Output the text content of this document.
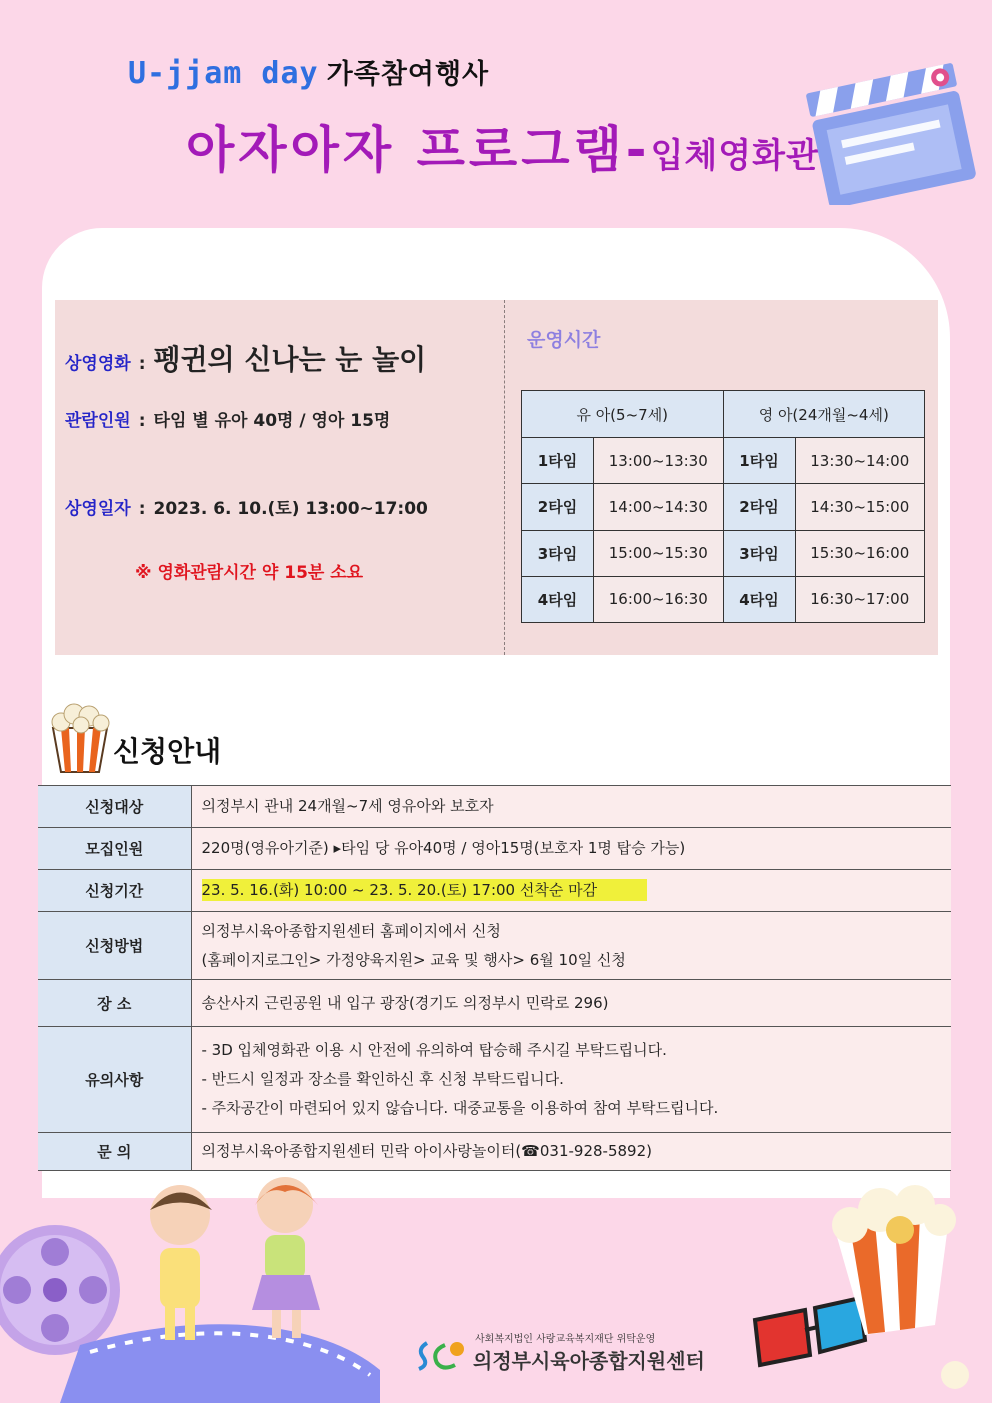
U-jjam day 가족참여행사
아자아자 프로그램-입체영화관
상영영화 : 펭귄의 신나는 눈 놀이
관람인원 : 타임 별 유아 40명 / 영아 15명
상영일자 : 2023. 6. 10.(토) 13:00~17:00
※ 영화관람시간 약 15분 소요
운영시간
유 아(5~7세)		영 아(24개월~4세)	
1타임	13:00~13:30	1타임	13:30~14:00
2타임	14:00~14:30	2타임	14:30~15:00
3타임	15:00~15:30	3타임	15:30~16:00
4타임	16:00~16:30	4타임	16:30~17:00
신청안내
신청대상	의정부시 관내 24개월~7세 영유아와 보호자

모집인원	220명(영유아기준) ▸타임 당 유아40명 / 영아15명(보호자 1명 탑승 가능)

신청기간	23. 5. 16.(화) 10:00 ~ 23. 5. 20.(토) 17:00 선착순 마감

신청방법	의정부시육아종합지원센터 홈페이지에서 신청
(홈페이지로그인> 가정양육지원> 교육 및 행사> 6월 10일 신청

장 소	송산사지 근린공원 내 입구 광장(경기도 의정부시 민락로 296)

유의사항	- 3D 입체영화관 이용 시 안전에 유의하여 탑승해 주시길 부탁드립니다.
- 반드시 일정과 장소를 확인하신 후 신청 부탁드립니다.
- 주차공간이 마련되어 있지 않습니다. 대중교통을 이용하여 참여 부탁드립니다.

문 의	의정부시육아종합지원센터 민락 아이사랑놀이터(☎031-928-5892)
사회복지법인 사랑교육복지재단 위탁운영
의정부시육아종합지원센터
